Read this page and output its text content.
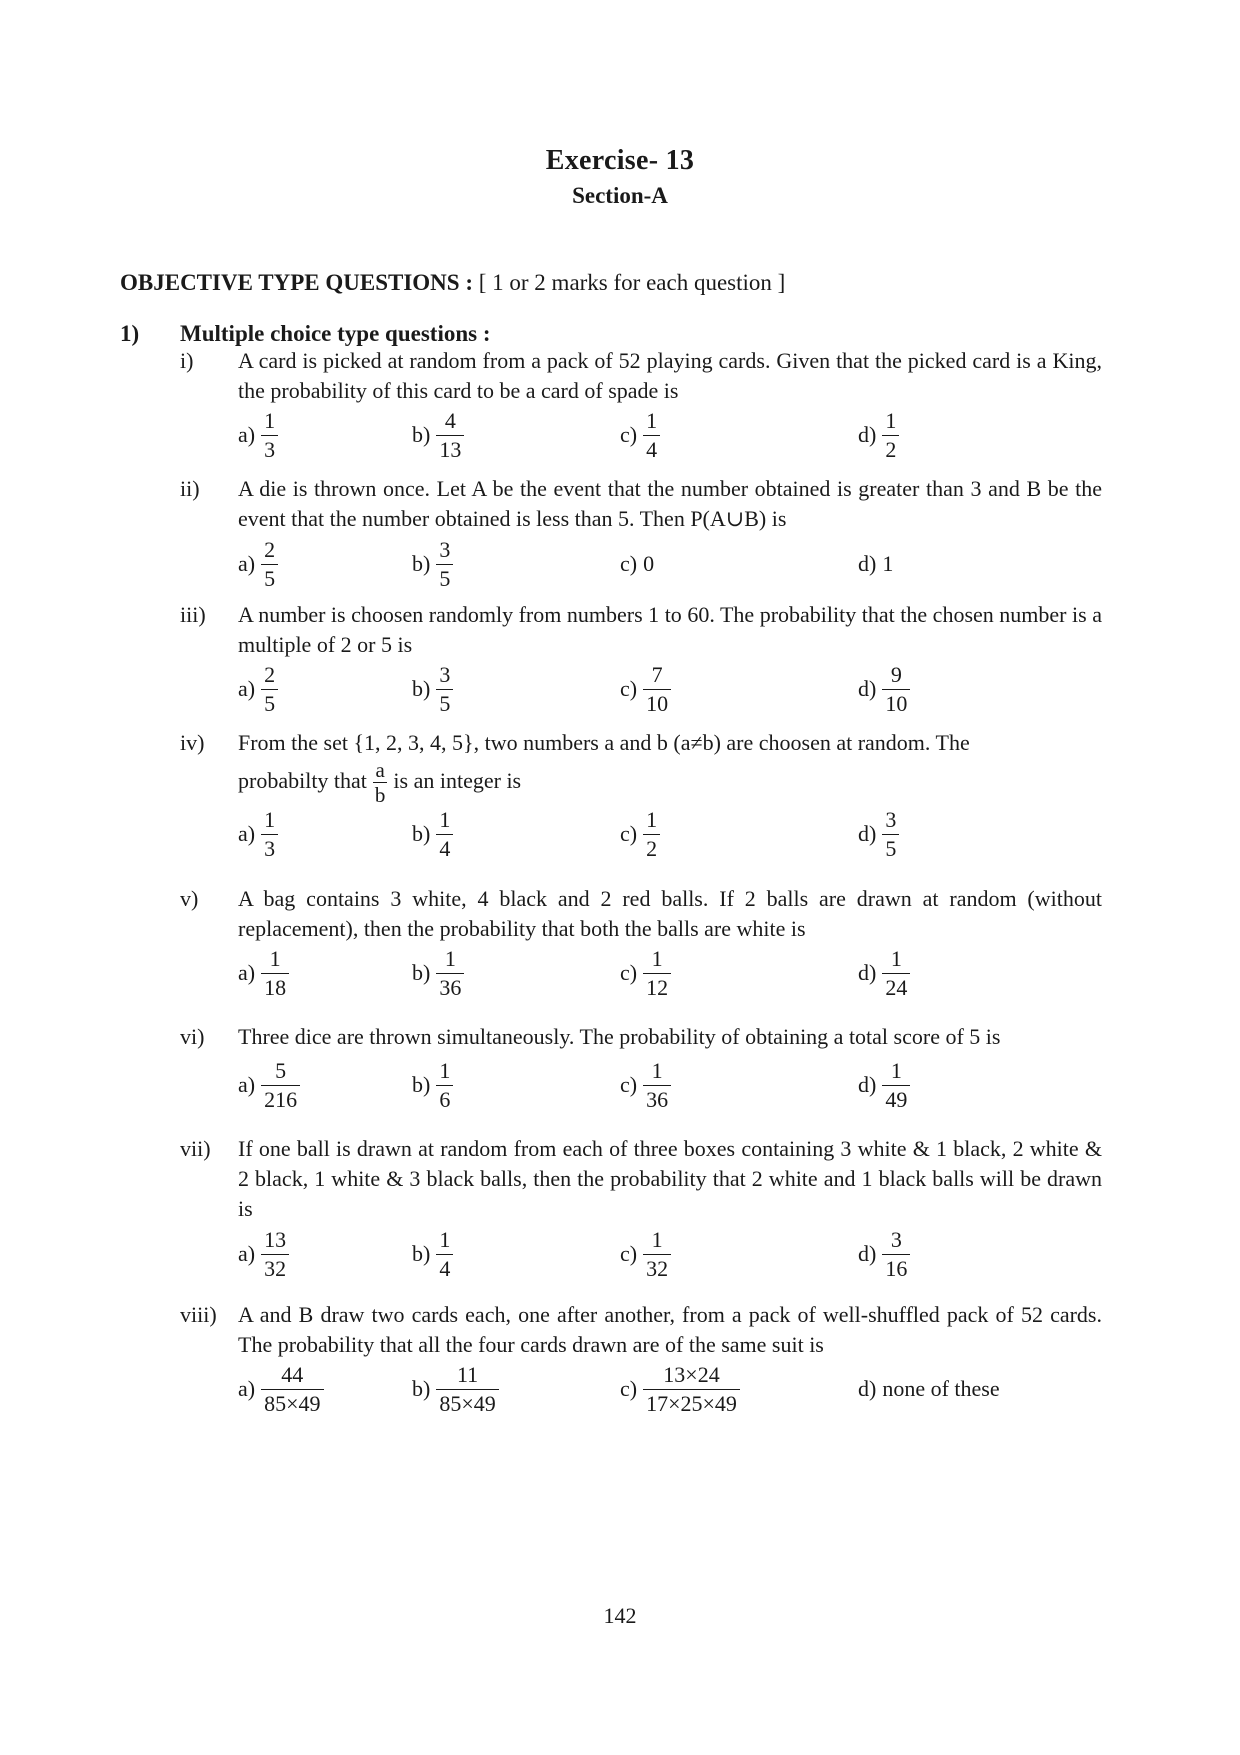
Exercise- 13
Section-A
OBJECTIVE TYPE QUESTIONS : [ 1 or 2 marks for each question ]
1) Multiple choice type questions :
i) A card is picked at random from a pack of 52 playing cards. Given that the picked card is a King, the probability of this card to be a card of spade is
$a) \frac{1}{3}$	$b) \frac{4}{13}$	$c) \frac{1}{4}$	$d) \frac{1}{2}$
ii) A die is thrown once. Let A be the event that the number obtained is greater than 3 and B be the event that the number obtained is less than 5. Then P(A∪B) is
$a) \frac{2}{5}$	$b) \frac{3}{5}$	c) 0	d) 1
iii) A number is choosen randomly from numbers 1 to 60. The probability that the chosen number is a multiple of 2 or 5 is
$a) \frac{2}{5}$	$b) \frac{3}{5}$	$c) \frac{7}{10}$	$d) \frac{9}{10}$
iv) From the set {1, 2, 3, 4, 5}, two numbers a and b (a≠b) are choosen at random. The
probabilty that $\frac{a}{b}$ is an integer is
$a) \frac{1}{3}$	$b) \frac{1}{4}$	$c) \frac{1}{2}$	$d) \frac{3}{5}$
v) A bag contains 3 white, 4 black and 2 red balls. If 2 balls are drawn at random (without replacement), then the probability that both the balls are white is
$a) \frac{1}{18}$	$b) \frac{1}{36}$	$c) \frac{1}{12}$	$d) \frac{1}{24}$
vi) Three dice are thrown simultaneously. The probability of obtaining a total score of 5 is
$a) \frac{5}{216}$	$b) \frac{1}{6}$	$c) \frac{1}{36}$	$d) \frac{1}{49}$
vii) If one ball is drawn at random from each of three boxes containing 3 white & 1 black, 2 white & 2 black, 1 white & 3 black balls, then the probability that 2 white and 1 black balls will be drawn is
$a) \frac{13}{32}$	$b) \frac{1}{4}$	$c) \frac{1}{32}$	$d) \frac{3}{16}$
viii) A and B draw two cards each, one after another, from a pack of well-shuffled pack of 52 cards. The probability that all the four cards drawn are of the same suit is
$a) \frac{44}{85\times 49}$	$b) \frac{11}{85\times 49}$	$c) \frac{13\times 24}{17\times 25\times 49}$	d) none of these
142
